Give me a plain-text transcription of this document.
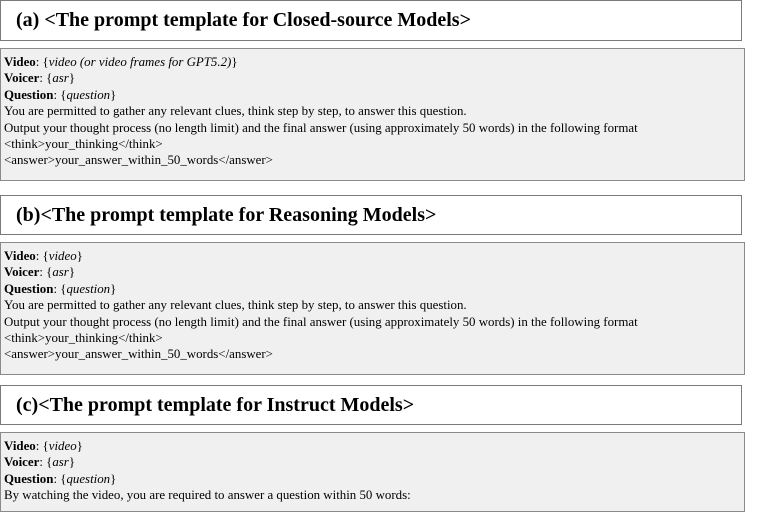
(a) <The prompt template for Closed-source Models>
Video: {video (or video frames for GPT5.2)}
Voicer: {asr}
Question: {question}
You are permitted to gather any relevant clues, think step by step, to answer this question.
Output your thought process (no length limit) and the final answer (using approximately 50 words) in the following format
<think>your_thinking</think>
<answer>your_answer_within_50_words</answer>
(b)<The prompt template for Reasoning Models>
Video: {video}
Voicer: {asr}
Question: {question}
You are permitted to gather any relevant clues, think step by step, to answer this question.
Output your thought process (no length limit) and the final answer (using approximately 50 words) in the following format
<think>your_thinking</think>
<answer>your_answer_within_50_words</answer>
(c)<The prompt template for Instruct Models>
Video: {video}
Voicer: {asr}
Question: {question}
By watching the video, you are required to answer a question within 50 words:
